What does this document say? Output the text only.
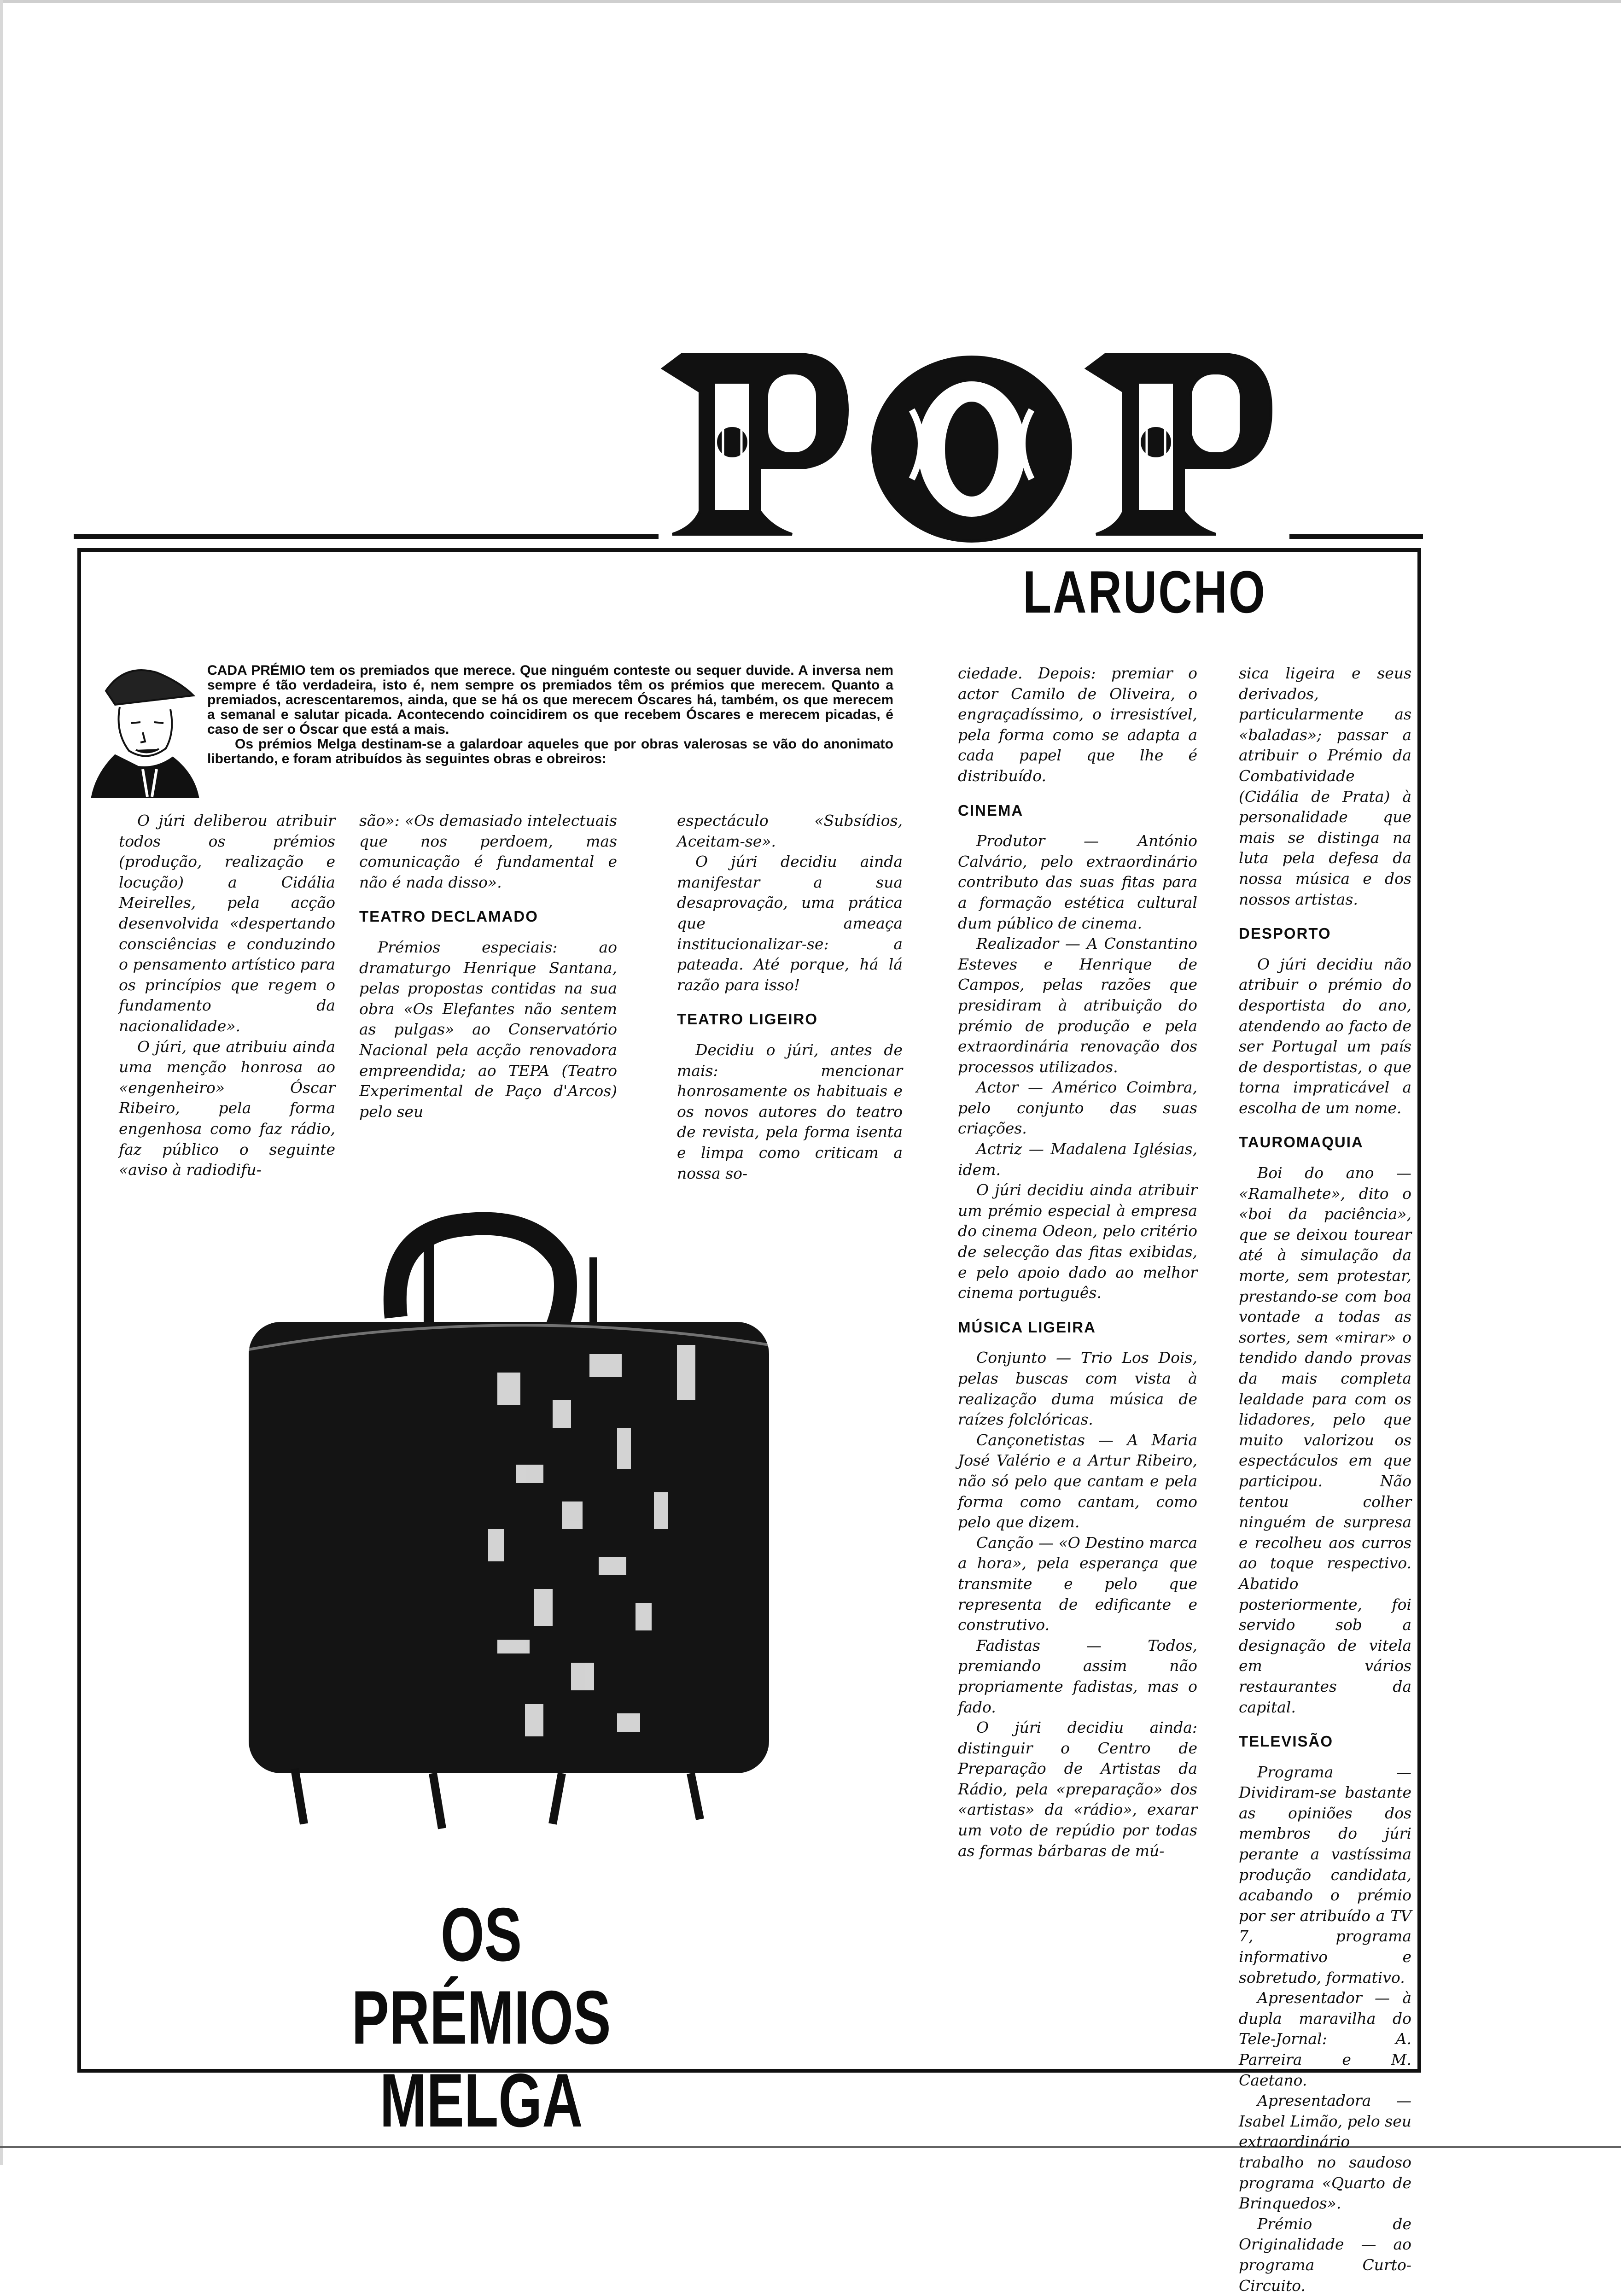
LARUCHO
CADA PRÉMIO tem os premiados que merece. Que ninguém conteste ou sequer duvide. A inversa nem sempre é tão verdadeira, isto é, nem sempre os premiados têm os prémios que merecem. Quanto a premiados, acrescentaremos, ainda, que se há os que merecem Óscares há, também, os que merecem a semanal e salutar picada. Acontecendo coincidirem os que recebem Óscares e merecem picadas, é caso de ser o Óscar que está a mais.
Os prémios Melga destinam-se a galardoar aqueles que por obras valerosas se vão do anonimato libertando, e foram atribuídos às seguintes obras e obreiros:

O júri deliberou atribuir todos os prémios (produção, realização e locução) a Cidália Meirelles, pela acção desenvolvida «despertando consciências e conduzindo o pensamento artístico para os princípios que regem o fundamento da nacionalidade».

O júri, que atribuiu ainda uma menção honrosa ao «engenheiro» Óscar Ribeiro, pela forma engenhosa como faz rádio, faz público o seguinte «aviso à radiodifu-

são»: «Os demasiado intelectuais que nos perdoem, mas comunicação é fundamental e não é nada disso».

TEATRO DECLAMADO

Prémios especiais: ao dramaturgo Henrique Santana, pelas propostas contidas na sua obra «Os Elefantes não sentem as pulgas» ao Conservatório Nacional pela acção renovadora empreendida; ao TEPA (Teatro Experimental de Paço d'Arcos) pelo seu

espectáculo «Subsídios, Aceitam-se».

O júri decidiu ainda manifestar a sua desaprovação, uma prática que ameaça institucionalizar-se: a pateada. Até porque, há lá razão para isso!

TEATRO LIGEIRO

Decidiu o júri, antes de mais: mencionar honrosamente os habituais e os novos autores do teatro de revista, pela forma isenta e limpa como criticam a nossa so-

ciedade. Depois: premiar o actor Camilo de Oliveira, o engraçadíssimo, o irresistível, pela forma como se adapta a cada papel que lhe é distribuído.

CINEMA

Produtor — António Calvário, pelo extraordinário contributo das suas fitas para a formação estética cultural dum público de cinema.

Realizador — A Constantino Esteves e Henrique de Campos, pelas razões que presidiram à atribuição do prémio de produção e pela extraordinária renovação dos processos utilizados.

Actor — Américo Coimbra, pelo conjunto das suas criações.

Actriz — Madalena Iglésias, idem.

O júri decidiu ainda atribuir um prémio especial à empresa do cinema Odeon, pelo critério de selecção das fitas exibidas, e pelo apoio dado ao melhor cinema português.

MÚSICA LIGEIRA

Conjunto — Trio Los Dois, pelas buscas com vista à realização duma música de raízes folclóricas.

Cançonetistas — A Maria José Valério e a Artur Ribeiro, não só pelo que cantam e pela forma como cantam, como pelo que dizem.

Canção — «O Destino marca a hora», pela esperança que transmite e pelo que representa de edificante e construtivo.

Fadistas — Todos, premiando assim não propriamente fadistas, mas o fado.

O júri decidiu ainda: distinguir o Centro de Preparação de Artistas da Rádio, pela «preparação» dos «artistas» da «rádio», exarar um voto de repúdio por todas as formas bárbaras de mú-

sica ligeira e seus derivados, particularmente as «baladas»; passar a atribuir o Prémio da Combatividade (Cidália de Prata) à personalidade que mais se distinga na luta pela defesa da nossa música e dos nossos artistas.

DESPORTO

O júri decidiu não atribuir o prémio do desportista do ano, atendendo ao facto de ser Portugal um país de desportistas, o que torna impraticável a escolha de um nome.

TAUROMAQUIA

Boi do ano — «Ramalhete», dito o «boi da paciência», que se deixou tourear até à simulação da morte, sem protestar, prestando-se com boa vontade a todas as sortes, sem «mirar» o tendido dando provas da mais completa lealdade para com os lidadores, pelo que muito valorizou os espectáculos em que participou. Não tentou colher ninguém de surpresa e recolheu aos curros ao toque respectivo. Abatido posteriormente, foi servido sob a designação de vitela em vários restaurantes da capital.

TELEVISÃO

Programa — Dividiram-se bastante as opiniões dos membros do júri perante a vastíssima produção candidata, acabando o prémio por ser atribuído a TV 7, programa informativo e sobretudo, formativo.

Apresentador — à dupla maravilha do Tele-Jornal: A. Parreira e M. Caetano.

Apresentadora — Isabel Limão, pelo seu extraordinário trabalho no saudoso programa «Quarto de Brinquedos».

Prémio de Originalidade — ao programa Curto-Circuito.

OS PRÉMIOS
MELGA
